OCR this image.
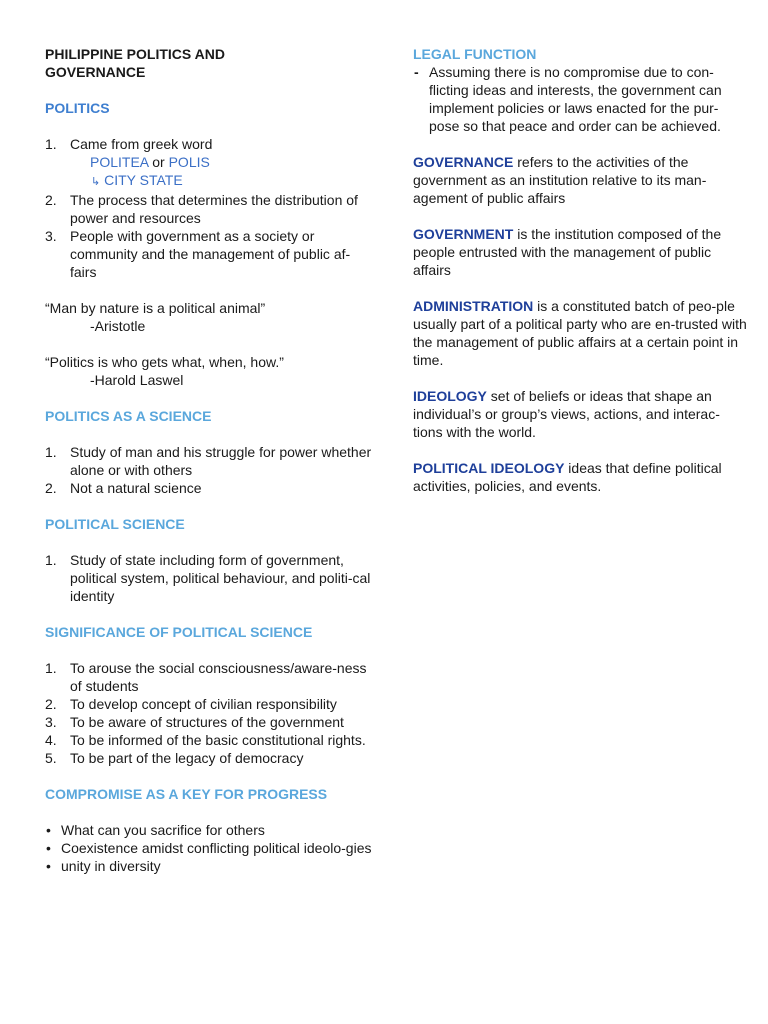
PHILIPPINE POLITICS AND
GOVERNANCE
POLITICS
1. Came from greek word
POLITEA or POLIS
↳ CITY STATE
2. The process that determines the distribution of power and resources
3. People with government as a society or community and the management of public af-fairs
“Man by nature is a political animal”
-Aristotle
“Politics is who gets what, when, how.”
-Harold Laswel
POLITICS AS A SCIENCE
1. Study of man and his struggle for power whether alone or with others
2. Not a natural science
POLITICAL SCIENCE
1. Study of state including form of government, political system, political behaviour, and politi-cal identity
SIGNIFICANCE OF POLITICAL SCIENCE
1. To arouse the social consciousness/aware-ness of students
2. To develop concept of civilian responsibility
3. To be aware of structures of the government
4. To be informed of the basic constitutional rights.
5. To be part of the legacy of democracy
COMPROMISE AS A KEY FOR PROGRESS
• What can you sacrifice for others
• Coexistence amidst conflicting political ideolo-gies
• unity in diversity
LEGAL FUNCTION
- Assuming there is no compromise due to con-flicting ideas and interests, the government can implement policies or laws enacted for the pur-pose so that peace and order can be achieved.
GOVERNANCE refers to the activities of the government as an institution relative to its man-agement of public affairs
GOVERNMENT is the institution composed of the people entrusted with the management of public affairs
ADMINISTRATION is a constituted batch of peo-ple usually part of a political party who are en-trusted with the management of public affairs at a certain point in time.
IDEOLOGY set of beliefs or ideas that shape an individual’s or group’s views, actions, and interac-tions with the world.
POLITICAL IDEOLOGY ideas that define political activities, policies, and events.
